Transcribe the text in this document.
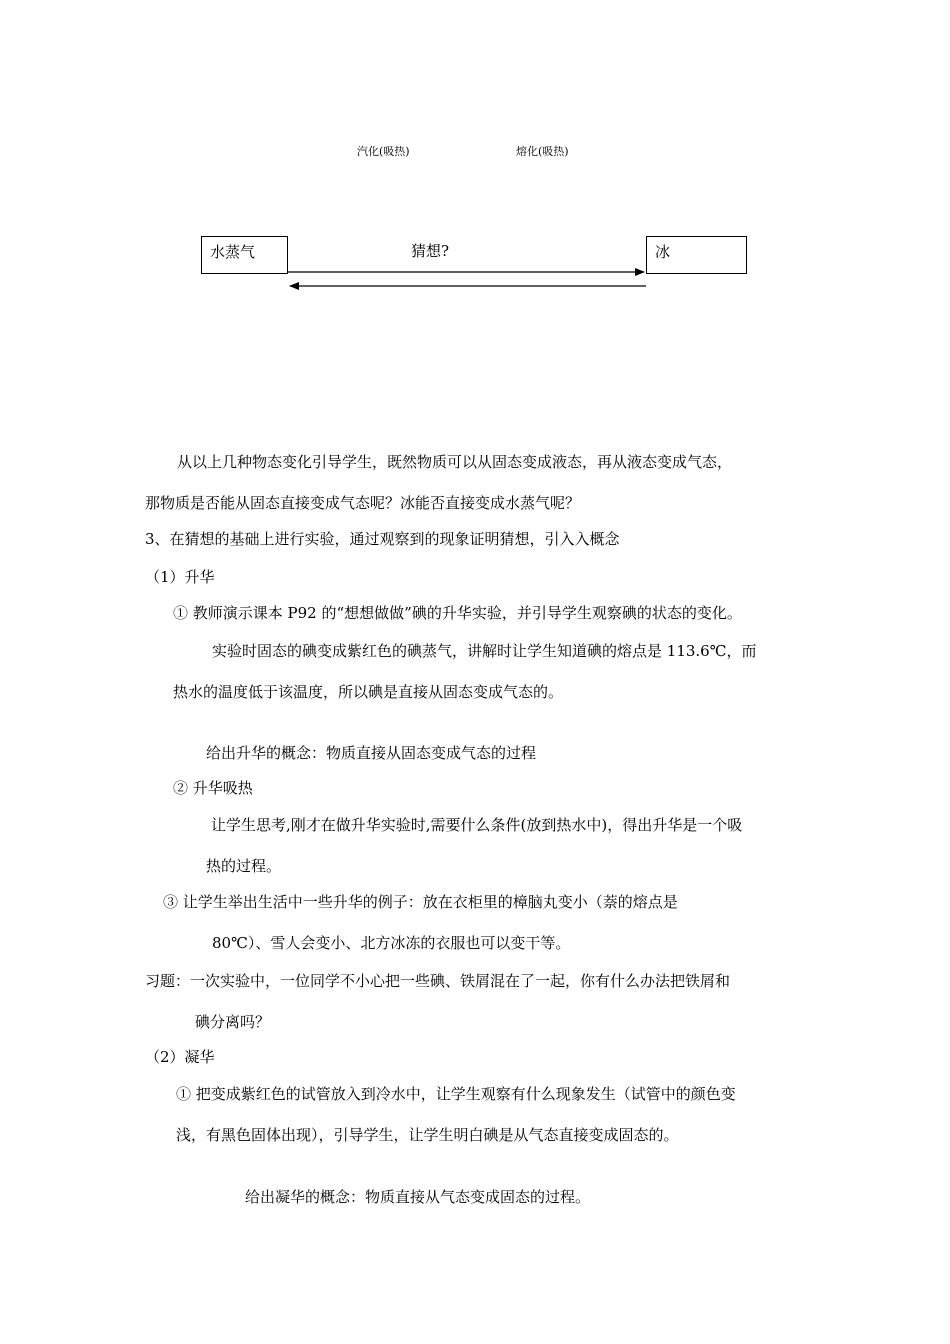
汽化(吸热)	熔化(吸热)
水蒸气	冰
猜想?
从以上几种物态变化引导学生，既然物质可以从固态变成液态，再从液态变成气态，
那物质是否能从固态直接变成气态呢？冰能否直接变成水蒸气呢？
3、在猜想的基础上进行实验，通过观察到的现象证明猜想，引入入概念
（1）升华
① 教师演示课本 P92 的“想想做做”碘的升华实验，并引导学生观察碘的状态的变化。
实验时固态的碘变成紫红色的碘蒸气，讲解时让学生知道碘的熔点是 113.6℃，而
热水的温度低于该温度，所以碘是直接从固态变成气态的。
给出升华的概念：物质直接从固态变成气态的过程
② 升华吸热
让学生思考,刚才在做升华实验时,需要什么条件(放到热水中)，得出升华是一个吸
热的过程。
③ 让学生举出生活中一些升华的例子：放在衣柜里的樟脑丸变小（萘的熔点是
80℃）、雪人会变小、北方冰冻的衣服也可以变干等。
习题：一次实验中，一位同学不小心把一些碘、铁屑混在了一起，你有什么办法把铁屑和
碘分离吗？
（2）凝华
① 把变成紫红色的试管放入到冷水中，让学生观察有什么现象发生（试管中的颜色变
浅，有黑色固体出现），引导学生，让学生明白碘是从气态直接变成固态的。
给出凝华的概念：物质直接从气态变成固态的过程。
